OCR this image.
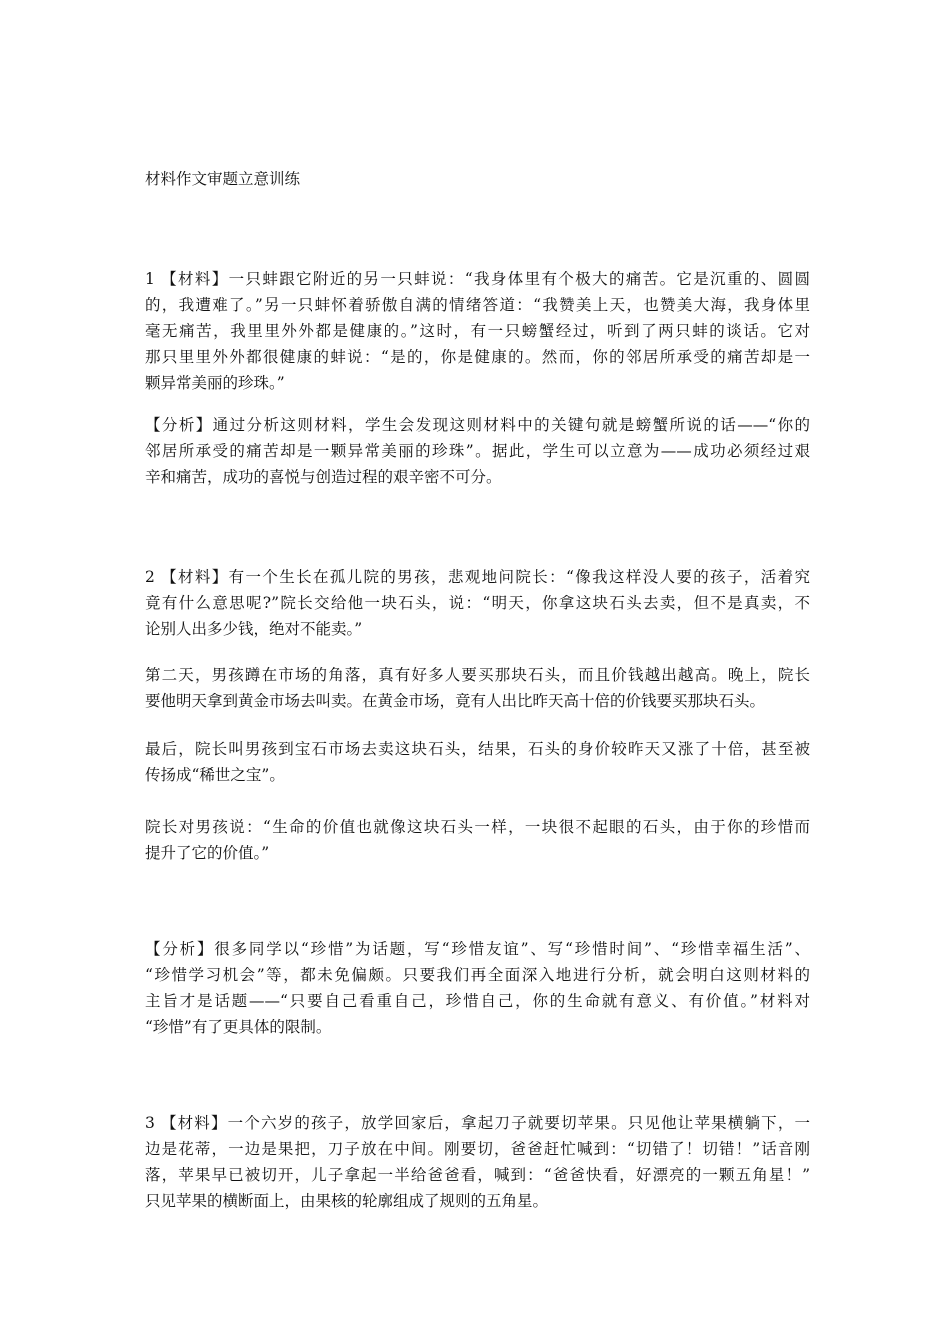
材料作文审题立意训练
1 【材料】一只蚌跟它附近的另一只蚌说：“我身体里有个极大的痛苦。它是沉重的、圆圆
的，我遭难了。”另一只蚌怀着骄傲自满的情绪答道：“我赞美上天，也赞美大海，我身体里
毫无痛苦，我里里外外都是健康的。”这时，有一只螃蟹经过，听到了两只蚌的谈话。它对
那只里里外外都很健康的蚌说：“是的，你是健康的。然而，你的邻居所承受的痛苦却是一
颗异常美丽的珍珠。”
【分析】通过分析这则材料，学生会发现这则材料中的关键句就是螃蟹所说的话——“你的
邻居所承受的痛苦却是一颗异常美丽的珍珠”。据此，学生可以立意为——成功必须经过艰
辛和痛苦，成功的喜悦与创造过程的艰辛密不可分。
2 【材料】有一个生长在孤儿院的男孩，悲观地问院长：“像我这样没人要的孩子，活着究
竟有什么意思呢?”院长交给他一块石头，说：“明天，你拿这块石头去卖，但不是真卖，不
论别人出多少钱，绝对不能卖。”
第二天，男孩蹲在市场的角落，真有好多人要买那块石头，而且价钱越出越高。晚上，院长
要他明天拿到黄金市场去叫卖。在黄金市场，竟有人出比昨天高十倍的价钱要买那块石头。
最后，院长叫男孩到宝石市场去卖这块石头，结果，石头的身价较昨天又涨了十倍，甚至被
传扬成“稀世之宝”。
院长对男孩说：“生命的价值也就像这块石头一样，一块很不起眼的石头，由于你的珍惜而
提升了它的价值。”
【分析】很多同学以“珍惜”为话题，写“珍惜友谊”、写“珍惜时间”、“珍惜幸福生活”、
“珍惜学习机会”等，都未免偏颇。只要我们再全面深入地进行分析，就会明白这则材料的
主旨才是话题——“只要自己看重自己，珍惜自己，你的生命就有意义、有价值。”材料对
“珍惜”有了更具体的限制。
3 【材料】一个六岁的孩子，放学回家后，拿起刀子就要切苹果。只见他让苹果横躺下，一
边是花蒂，一边是果把，刀子放在中间。刚要切，爸爸赶忙喊到：“切错了！切错！”话音刚
落，苹果早已被切开，儿子拿起一半给爸爸看，喊到：“爸爸快看，好漂亮的一颗五角星！”
只见苹果的横断面上，由果核的轮廓组成了规则的五角星。
